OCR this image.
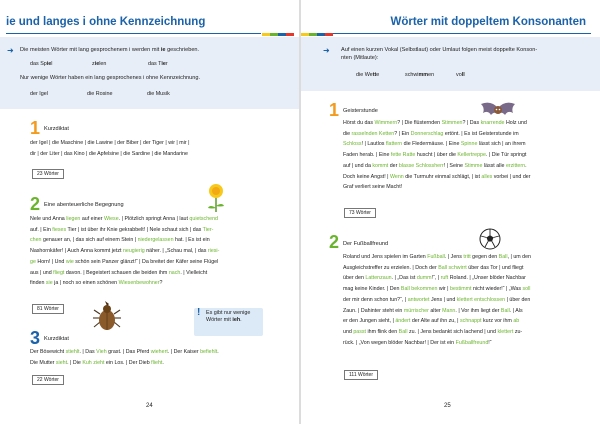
ie und langes i ohne Kennzeichnung
➜ Die meisten Wörter mit lang gesprochenem i werden mit ie geschrieben.
das Spiel	zielen	das Tier
Nur wenige Wörter haben ein lang gesprochenes i ohne Kennzeichnung.
der Igel	die Rosine	die Musik
1 Kurzdiktat
der Igel | die Maschine | die Lawine | der Biber | der Tiger | wir | mir |
dir | der Liter | das Kino | die Apfelsine | die Sardine | die Mandarine
23 Wörter
2 Eine abenteuerliche Begegnung
Nele und Anna liegen auf einer Wiese. | Plötzlich springt Anna | laut quietschend
auf. | Ein fieses Tier | ist über ihr Knie gekrabbelt! | Nele schaut sich | das Tier-
chen genauer an, | das sich auf einem Stein | niedergelassen hat. | Es ist ein
Nashornkäfer! | Auch Anna kommt jetzt neugierig näher. | „Schau mal, | das riesi-
ge Horn! | Und wie schön sein Panzer glänzt!“ | Da breitet der Käfer seine Flügel
aus | und fliegt davon. | Begeistert schauen die beiden ihm nach. | Vielleicht
finden sie ja | noch so einen schönen Wiesenbewohner?
81 Wörter	! Es gibt nur wenige
Wörter mit ieh.
3 Kurzdiktat
Der Bösewicht stiehlt. | Das Vieh grast. | Das Pferd wiehert. | Der Kaiser befiehlt.
Die Mutter sieht. | Die Kuh zieht ein Los. | Der Dieb flieht.
22 Wörter
24
Wörter mit doppeltem Konsonanten
➜ Auf einen kurzen Vokal (Selbstlaut) oder Umlaut folgen meist doppelte Konson-
nten (Mitlaute):
die Wette	schwimmen	voll
1 Geisterstunde
Hörst du das Wimmern? | Die flüsternden Stimmen? | Das knarrende Holz und
die rasselnden Ketten? | Ein Donnerschlag ertönt. | Es ist Geisterstunde im
Schloss! | Lautlos flattern die Fledermäuse. | Eine Spinne lässt sich | an ihrem
Faden herab. | Eine fette Ratte huscht | über die Kellertreppe. | Die Tür springt
auf | und da kommt der blasse Schlossherr! | Seine Stimme lässt alle erzittern.
Doch keine Angst! | Wenn die Turmuhr einmal schlägt, | ist alles vorbei | und der
Graf verliert seine Macht!
73 Wörter
2 Der Fußballfreund
Roland und Jens spielen im Garten Fußball. | Jens tritt gegen den Ball, | um den
Ausgleichstreffer zu erzielen. | Doch der Ball schwirrt über das Tor | und fliegt
über den Lattenzaun. | „Das ist dumm!“, | ruft Roland. | „Unser blöder Nachbar
mag keine Kinder. | Den Ball bekommen wir | bestimmt nicht wieder!“ | „Was soll
der mir denn schon tun?“, | antwortet Jens | und klettert entschlossen | über den
Zaun. | Dahinter steht ein mürrischer alter Mann. | Vor ihm liegt der Ball. | Als
er den Jungen sieht, | ändert der Alte auf ihn zu, | schnappt kurz vor ihm ab
und passt ihm flink den Ball zu. | Jens bedankt sich lachend | und klettert zu-
rück. | „Von wegen blöder Nachbar! | Der ist ein Fußballfreund!“
111 Wörter
25
